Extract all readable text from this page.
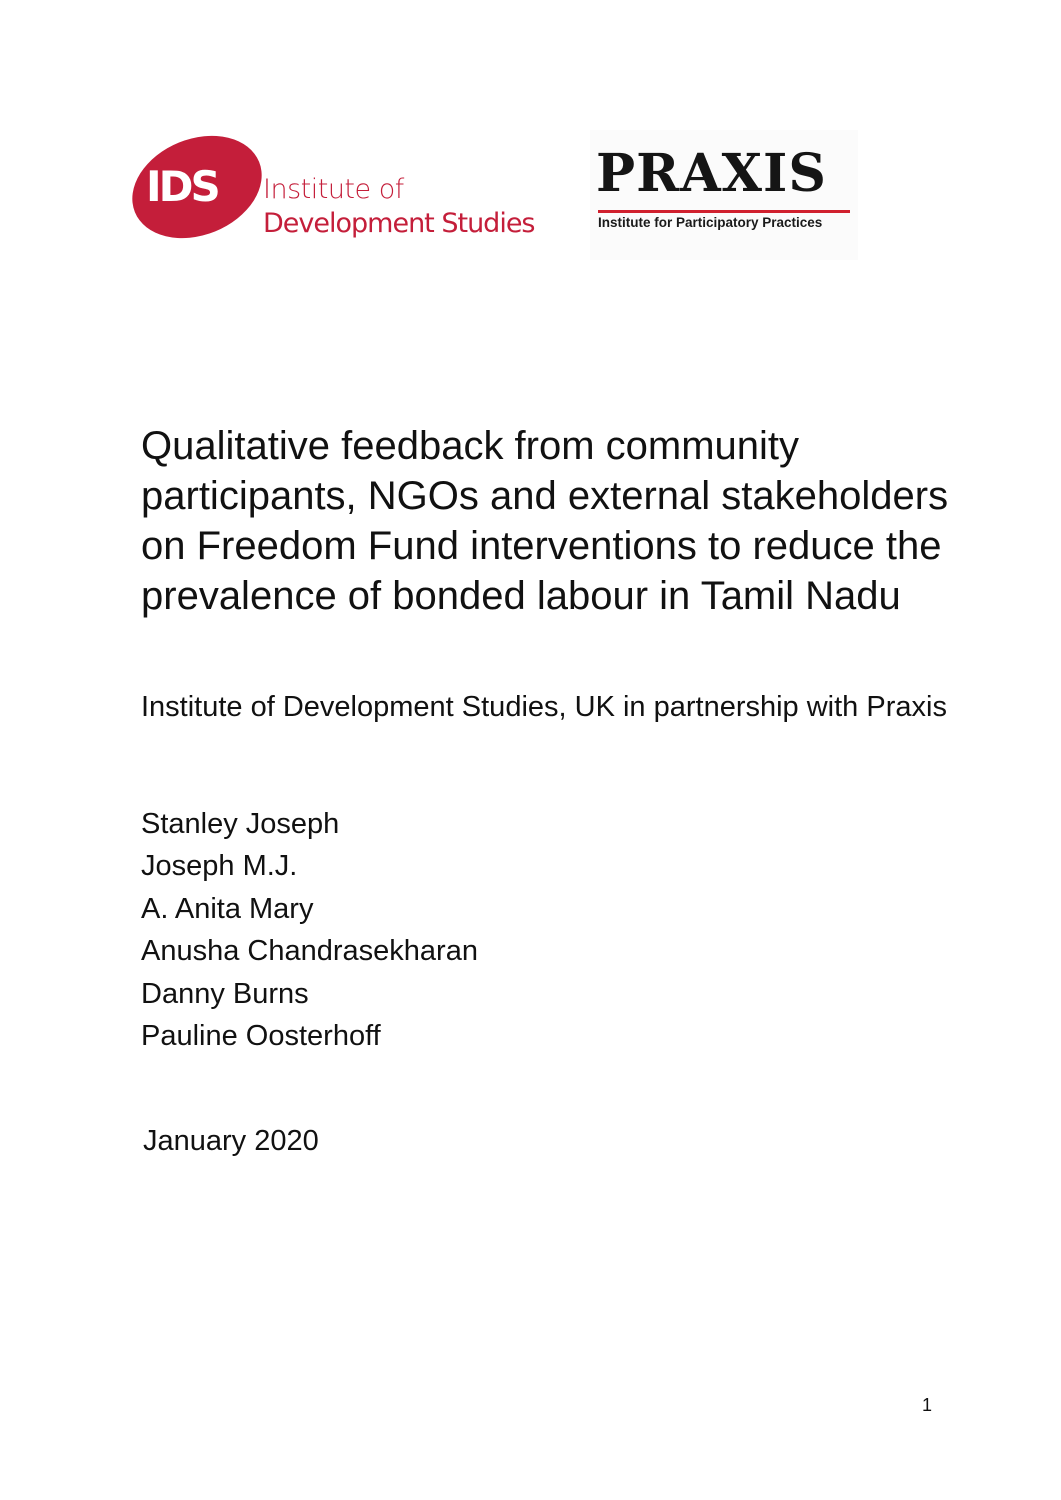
IDS Institute of
Development Studies
PRAXIS
Institute for Participatory Practices
Qualitative feedback from community participants, NGOs and external stakeholders on Freedom Fund interventions to reduce the prevalence of bonded labour in Tamil Nadu

Institute of Development Studies, UK in partnership with Praxis

Stanley Joseph
Joseph M.J.
A. Anita Mary
Anusha Chandrasekharan
Danny Burns
Pauline Oosterhoff
January 2020
1
